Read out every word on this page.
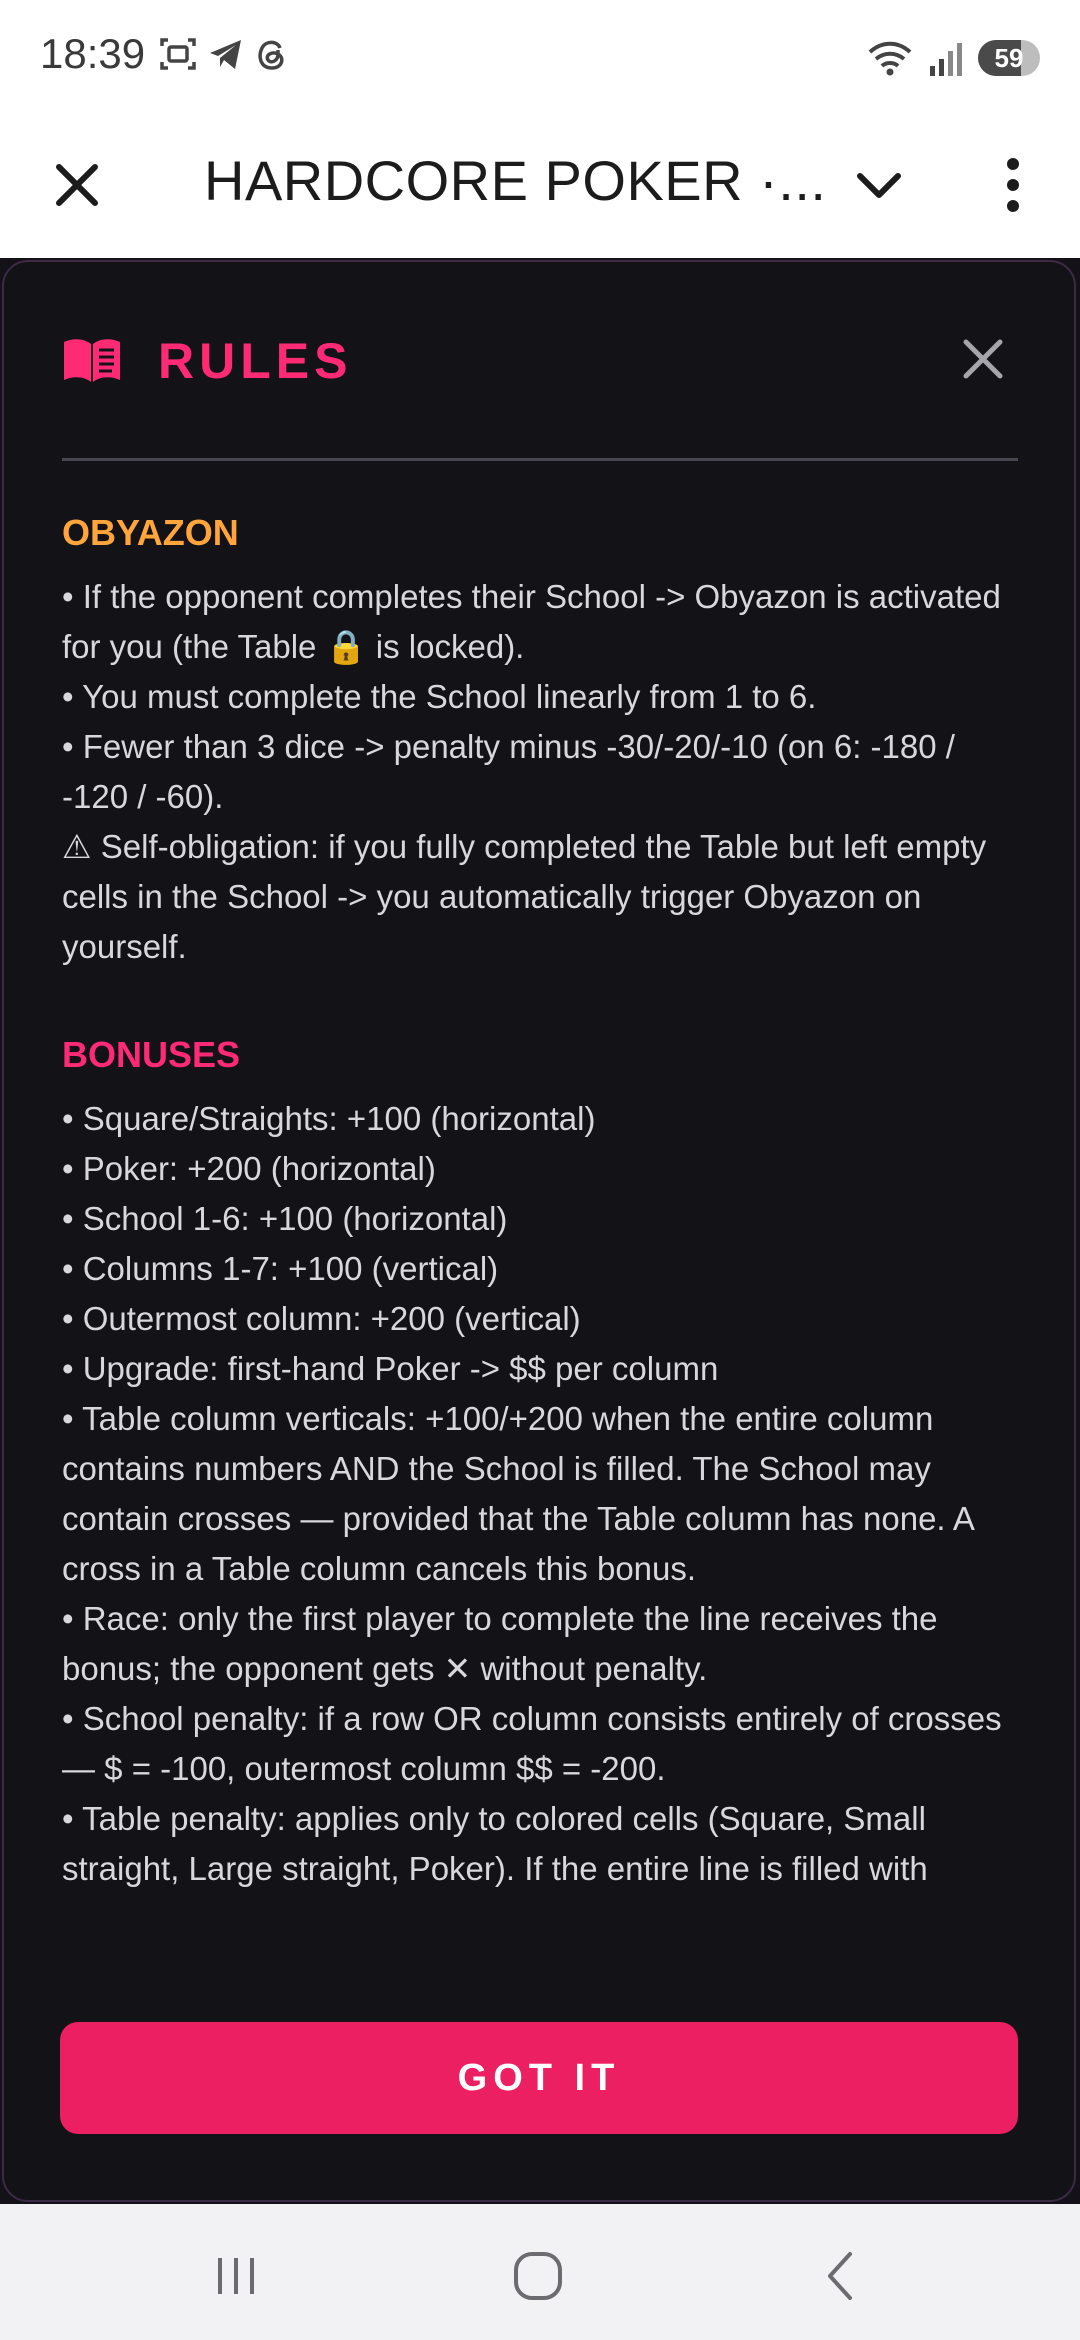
18:39	59
HARDCORE POKER ·...
RULES
OBYAZON

• If the opponent completes their School -> Obyazon is activated for you (the Table 🔒 is locked).

• You must complete the School linearly from 1 to 6.

• Fewer than 3 dice -> penalty minus -30/-20/-10 (on 6: -180 / -120 / -60).

⚠ Self-obligation: if you fully completed the Table but left empty cells in the School -> you automatically trigger Obyazon on yourself.

BONUSES

• Square/Straights: +100 (horizontal)

• Poker: +200 (horizontal)

• School 1-6: +100 (horizontal)

• Columns 1-7: +100 (vertical)

• Outermost column: +200 (vertical)

• Upgrade: first-hand Poker -> $$ per column

• Table column verticals: +100/+200 when the entire column contains numbers AND the School is filled. The School may contain crosses — provided that the Table column has none. A cross in a Table column cancels this bonus.

• Race: only the first player to complete the line receives the bonus; the opponent gets ✕ without penalty.

• School penalty: if a row OR column consists entirely of crosses — $ = -100, outermost column $$ = -200.

• Table penalty: applies only to colored cells (Square, Small straight, Large straight, Poker). If the entire line is filled with

GOT IT
